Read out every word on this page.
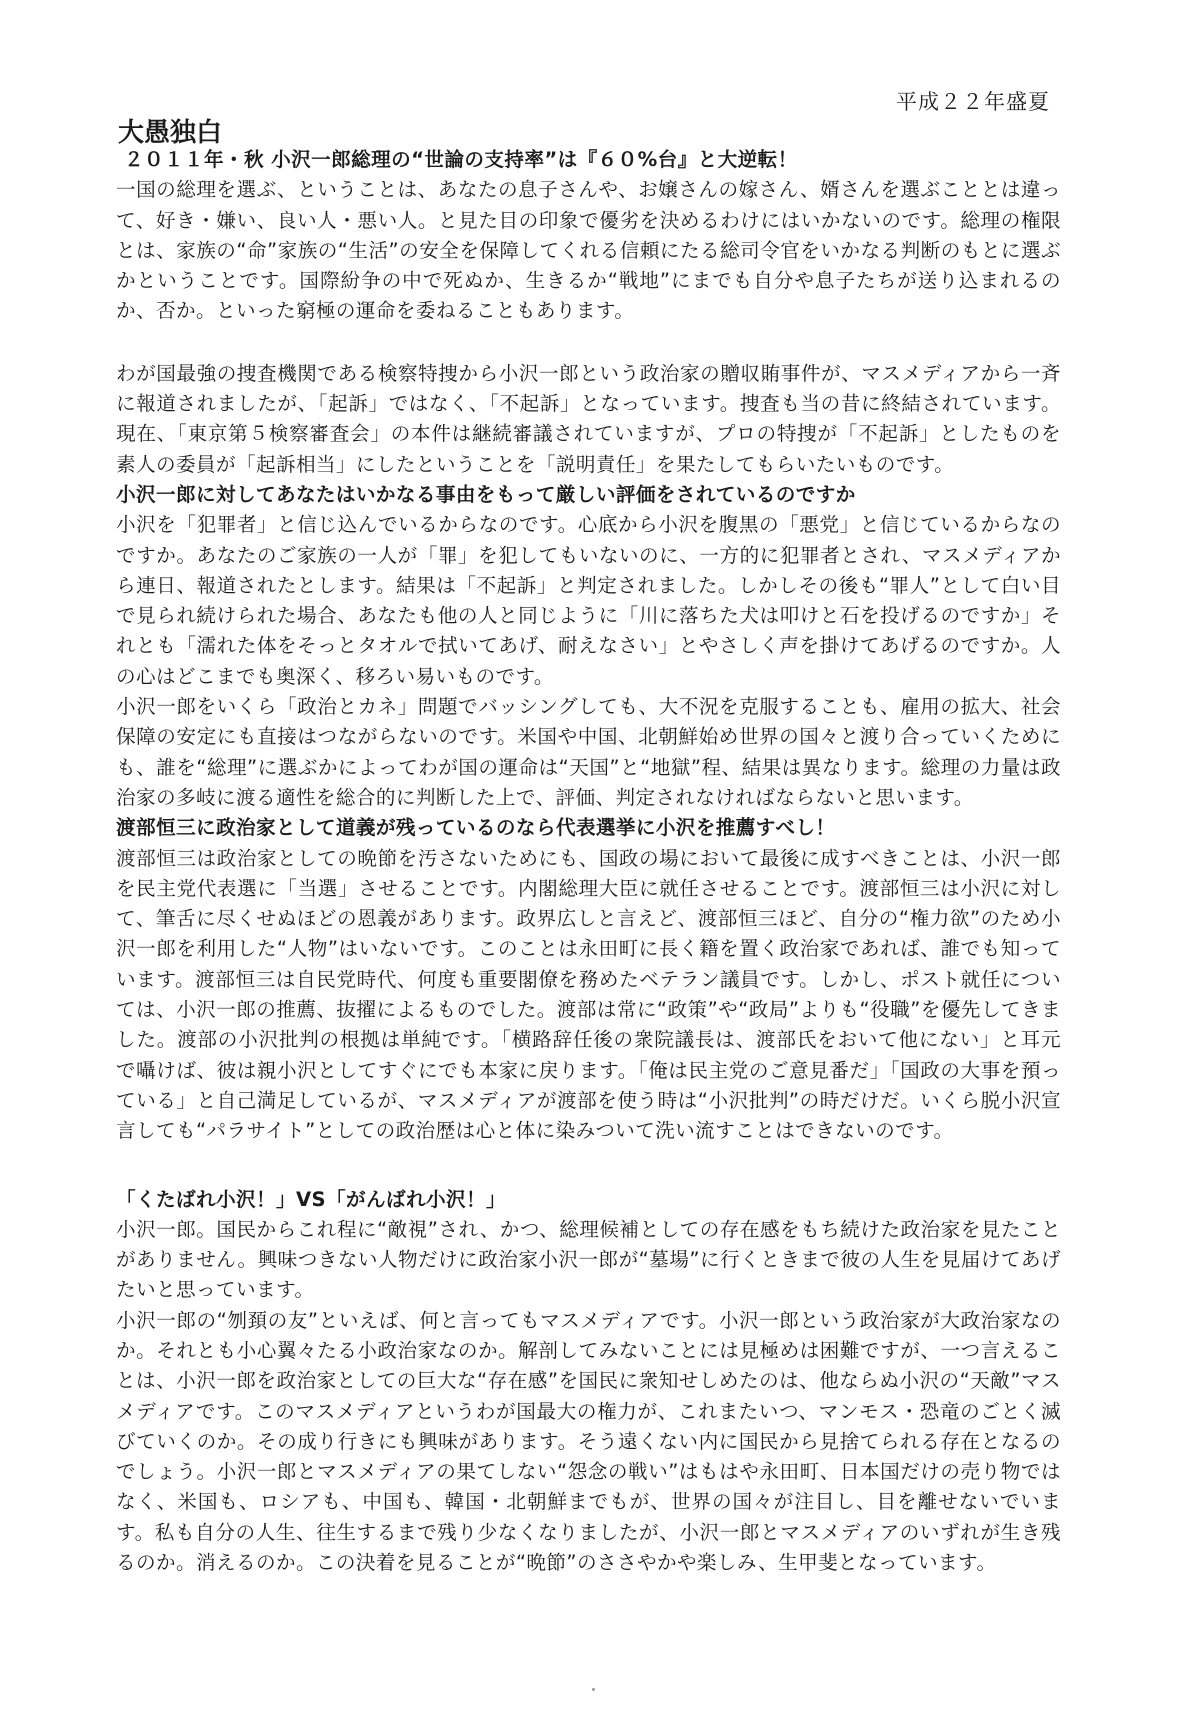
平成２２年盛夏
大愚独白

２０１１年・秋 小沢一郎総理の“世論の支持率”は『６０%台』と大逆転！

一国の総理を選ぶ、ということは、あなたの息子さんや、お嬢さんの嫁さん、婿さんを選ぶこととは違って、好き・嫌い、良い人・悪い人。と見た目の印象で優劣を決めるわけにはいかないのです。総理の権限とは、家族の“命”家族の“生活”の安全を保障してくれる信頼にたる総司令官をいかなる判断のもとに選ぶかということです。国際紛争の中で死ぬか、生きるか“戦地”にまでも自分や息子たちが送り込まれるのか、否か。といった窮極の運命を委ねることもあります。

わが国最強の捜査機関である検察特捜から小沢一郎という政治家の贈収賄事件が、マスメディアから一斉に報道されましたが、「起訴」ではなく、「不起訴」となっています。捜査も当の昔に終結されています。現在、「東京第５検察審査会」の本件は継続審議されていますが、プロの特捜が「不起訴」としたものを素人の委員が「起訴相当」にしたということを「説明責任」を果たしてもらいたいものです。

小沢一郎に対してあなたはいかなる事由をもって厳しい評価をされているのですか

小沢を「犯罪者」と信じ込んでいるからなのです。心底から小沢を腹黒の「悪党」と信じているからなのですか。あなたのご家族の一人が「罪」を犯してもいないのに、一方的に犯罪者とされ、マスメディアから連日、報道されたとします。結果は「不起訴」と判定されました。しかしその後も“罪人”として白い目で見られ続けられた場合、あなたも他の人と同じように「川に落ちた犬は叩けと石を投げるのですか」それとも「濡れた体をそっとタオルで拭いてあげ、耐えなさい」とやさしく声を掛けてあげるのですか。人の心はどこまでも奥深く、移ろい易いものです。

小沢一郎をいくら「政治とカネ」問題でバッシングしても、大不況を克服することも、雇用の拡大、社会保障の安定にも直接はつながらないのです。米国や中国、北朝鮮始め世界の国々と渡り合っていくためにも、誰を“総理”に選ぶかによってわが国の運命は“天国”と“地獄”程、結果は異なります。総理の力量は政治家の多岐に渡る適性を総合的に判断した上で、評価、判定されなければならないと思います。

渡部恒三に政治家として道義が残っているのなら代表選挙に小沢を推薦すべし！

渡部恒三は政治家としての晩節を汚さないためにも、国政の場において最後に成すべきことは、小沢一郎を民主党代表選に「当選」させることです。内閣総理大臣に就任させることです。渡部恒三は小沢に対して、筆舌に尽くせぬほどの恩義があります。政界広しと言えど、渡部恒三ほど、自分の“権力欲”のため小沢一郎を利用した“人物”はいないです。このことは永田町に長く籍を置く政治家であれば、誰でも知っています。渡部恒三は自民党時代、何度も重要閣僚を務めたベテラン議員です。しかし、ポスト就任については、小沢一郎の推薦、抜擢によるものでした。渡部は常に“政策”や“政局”よりも“役職”を優先してきました。渡部の小沢批判の根拠は単純です。「横路辞任後の衆院議長は、渡部氏をおいて他にない」と耳元で囁けば、彼は親小沢としてすぐにでも本家に戻ります。「俺は民主党のご意見番だ」「国政の大事を預っている」と自己満足しているが、マスメディアが渡部を使う時は“小沢批判”の時だけだ。いくら脱小沢宣言しても“パラサイト”としての政治歴は心と体に染みついて洗い流すことはできないのです。

「くたばれ小沢！」VS「がんばれ小沢！」

小沢一郎。国民からこれ程に“敵視”され、かつ、総理候補としての存在感をもち続けた政治家を見たことがありません。興味つきない人物だけに政治家小沢一郎が“墓場”に行くときまで彼の人生を見届けてあげたいと思っています。

小沢一郎の“刎頚の友”といえば、何と言ってもマスメディアです。小沢一郎という政治家が大政治家なのか。それとも小心翼々たる小政治家なのか。解剖してみないことには見極めは困難ですが、一つ言えることは、小沢一郎を政治家としての巨大な“存在感”を国民に衆知せしめたのは、他ならぬ小沢の“天敵”マスメディアです。このマスメディアというわが国最大の権力が、これまたいつ、マンモス・恐竜のごとく滅びていくのか。その成り行きにも興味があります。そう遠くない内に国民から見捨てられる存在となるのでしょう。小沢一郎とマスメディアの果てしない“怨念の戦い”はもはや永田町、日本国だけの売り物ではなく、米国も、ロシアも、中国も、韓国・北朝鮮までもが、世界の国々が注目し、目を離せないでいます。私も自分の人生、往生するまで残り少なくなりましたが、小沢一郎とマスメディアのいずれが生き残るのか。消えるのか。この決着を見ることが“晩節”のささやかや楽しみ、生甲斐となっています。
